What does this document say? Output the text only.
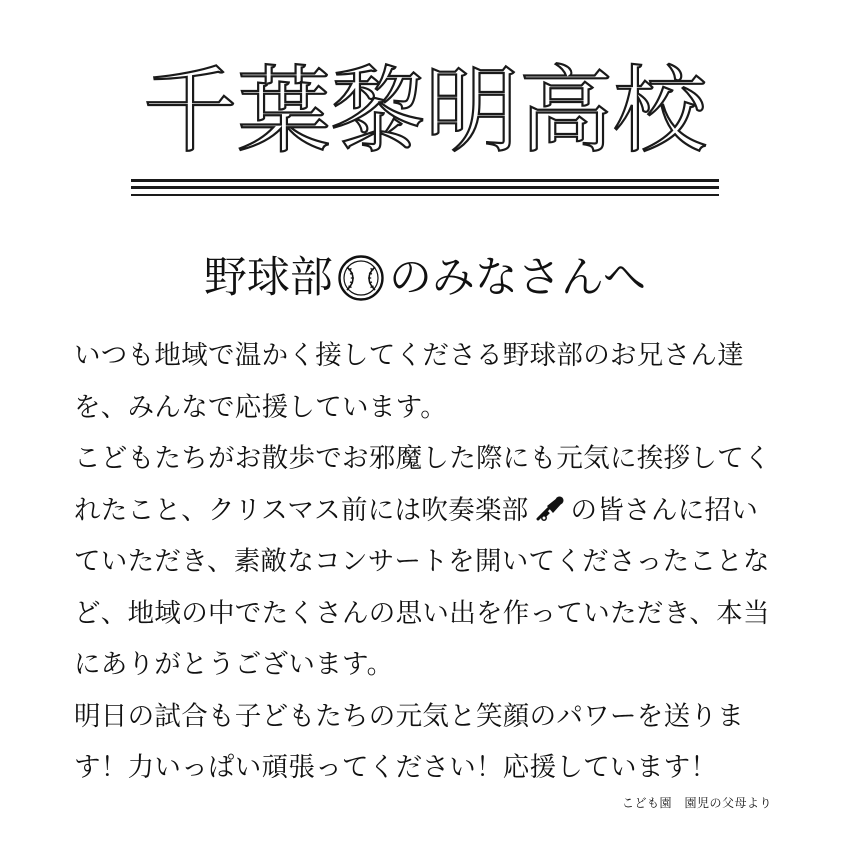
千葉黎明高校
野球部 のみなさんへ
いつも地域で温かく接してくださる野球部のお兄さん達
を、みんなで応援しています。
こどもたちがお散歩でお邪魔した際にも元気に挨拶してく
れたこと、クリスマス前には吹奏楽部 の皆さんに招い
ていただき、素敵なコンサートを開いてくださったことな
ど、地域の中でたくさんの思い出を作っていただき、本当
にありがとうございます。
明日の試合も子どもたちの元気と笑顔のパワーを送りま
す！力いっぱい頑張ってください！応援しています！
こども園　園児の父母より
